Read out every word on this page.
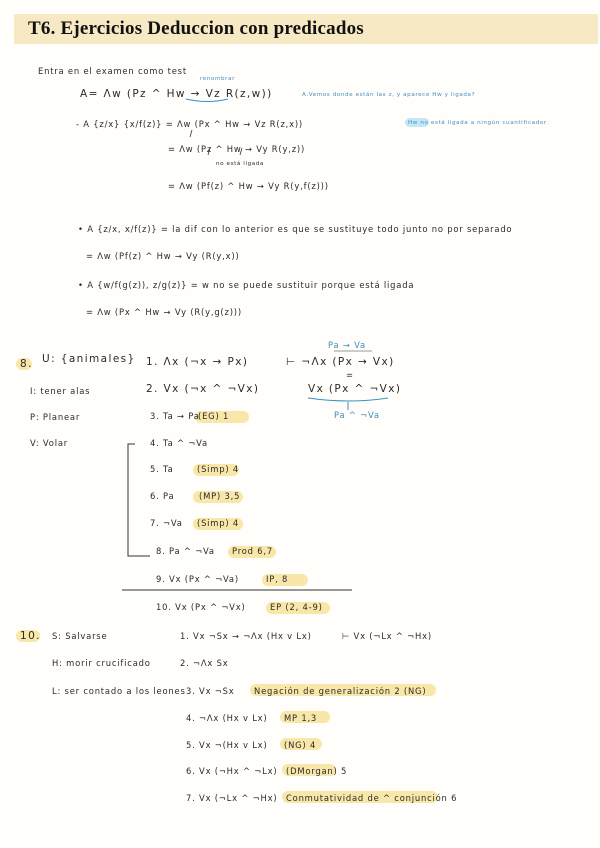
T6. Ejercicios Deduccion con predicados
Entra en el examen como test
renombrar
A= Λw (Pz ^ Hw → Vz R(z,w))	A.Vemos donde están las z, y aparece Hw y ligada?
- A {z/x} {x/f(z)} = Λw (Px ^ Hw → Vz R(z,x))	Hw no está ligada a ningún cuantificador
= Λw (Pz ^ Hw → Vy R(y,z))
no está ligada
= Λw (Pf(z) ^ Hw → Vy R(y,f(z)))
• A {z/x, x/f(z)} = la dif con lo anterior es que se sustituye todo junto no por separado
= Λw (Pf(z) ^ Hw → Vy (R(y,x))
• A {w/f(g(z)), z/g(z)} = w no se puede sustituir porque está ligada
= Λw (Px ^ Hw → Vy (R(y,g(z)))
8. U: {animales}
I: tener alas
P: Planear
V: Volar
Pa → Va
⊢ ¬Λx (Px → Vx)
=
Vx (Px ^ ¬Vx)
Pa ^ ¬Va
1. Λx (¬x → Px)
2. Vx (¬x ^ ¬Vx)
3. Ta → Pa
(EG) 1
4. Ta ^ ¬Va
5. Ta	(Simp) 4
6. Pa	(MP) 3,5
7. ¬Va (Simp) 4
8. Pa ^ ¬Va Prod 6,7
9. Vx (Px ^ ¬Va)	IP, 8
10. Vx (Px ^ ¬Vx)	EP (2, 4-9)
10. S: Salvarse
H: morir crucificado
L: ser contado a los leones
1. Vx ¬Sx → ¬Λx (Hx v Lx)	⊢ Vx (¬Lx ^ ¬Hx)
2. ¬Λx Sx
3. Vx ¬Sx Negación de generalización 2 (NG)
4. ¬Λx (Hx v Lx) MP 1,3
5. Vx ¬(Hx v Lx) (NG) 4
6. Vx (¬Hx ^ ¬Lx) (DMorgan) 5
7. Vx (¬Lx ^ ¬Hx) Conmutatividad de ^ conjunción 6
